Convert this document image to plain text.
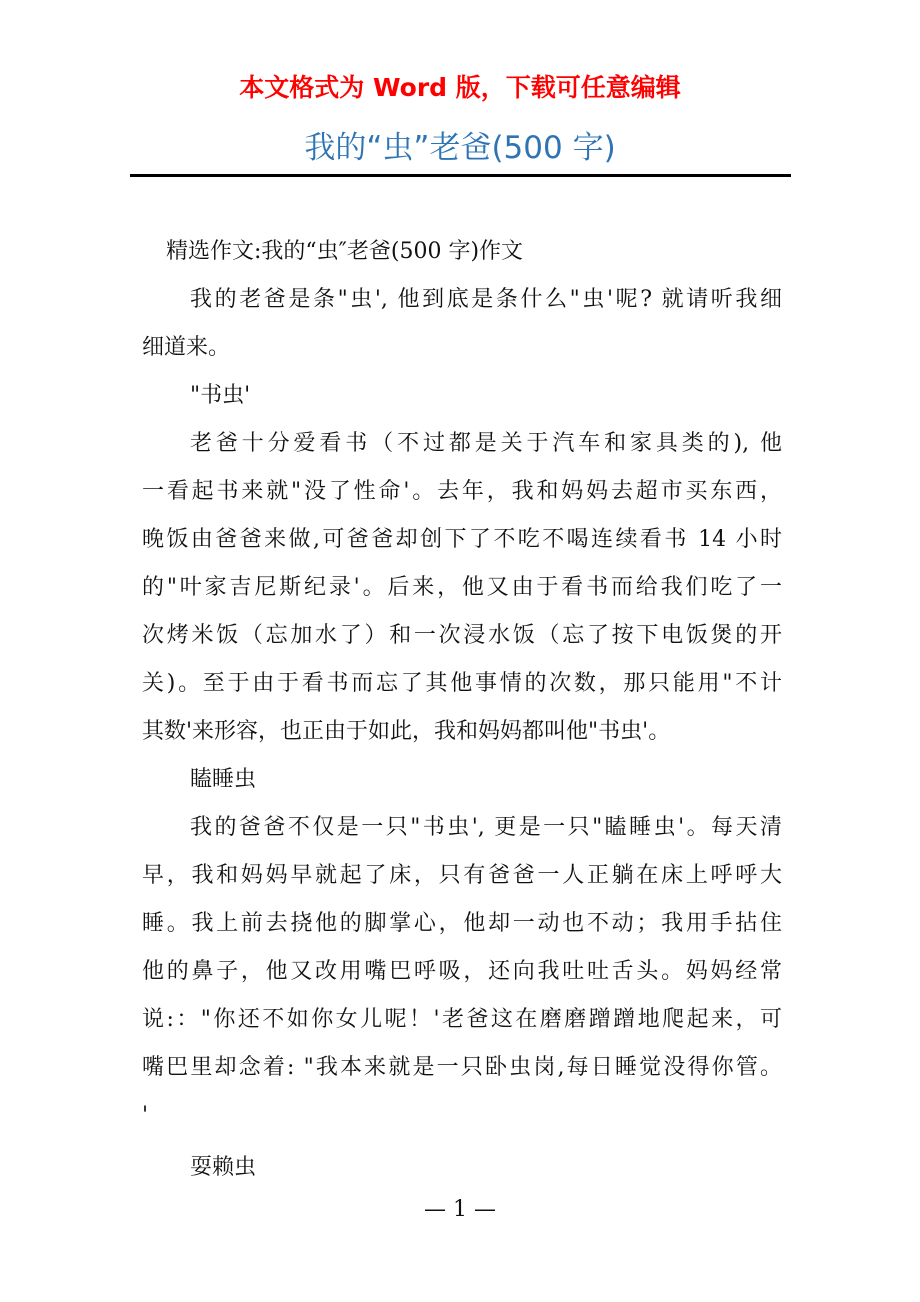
本文格式为 Word 版，下载可任意编辑
我的“虫”老爸(500 字)
精选作文:我的“虫″老爸(500 字)作文
我的老爸是条"虫', 他到底是条什么"虫'呢? 就请听我细
细道来。
"书虫'
老爸十分爱看书（不过都是关于汽车和家具类的), 他
一看起书来就"没了性命'。去年，我和妈妈去超市买东西，
晚饭由爸爸来做,可爸爸却创下了不吃不喝连续看书 14 小时
的"叶家吉尼斯纪录'。后来，他又由于看书而给我们吃了一
次烤米饭（忘加水了）和一次浸水饭（忘了按下电饭煲的开
关)。至于由于看书而忘了其他事情的次数，那只能用"不计
其数'来形容，也正由于如此，我和妈妈都叫他"书虫'。
瞌睡虫
我的爸爸不仅是一只"书虫', 更是一只"瞌睡虫'。每天清
早，我和妈妈早就起了床，只有爸爸一人正躺在床上呼呼大
睡。我上前去挠他的脚掌心，他却一动也不动；我用手拈住
他的鼻子，他又改用嘴巴呼吸，还向我吐吐舌头。妈妈经常
说:："你还不如你女儿呢！'老爸这在磨磨蹭蹭地爬起来，可
嘴巴里却念着: "我本来就是一只卧虫岗,每日睡觉没得你管。
'
耍赖虫
— 1 —
